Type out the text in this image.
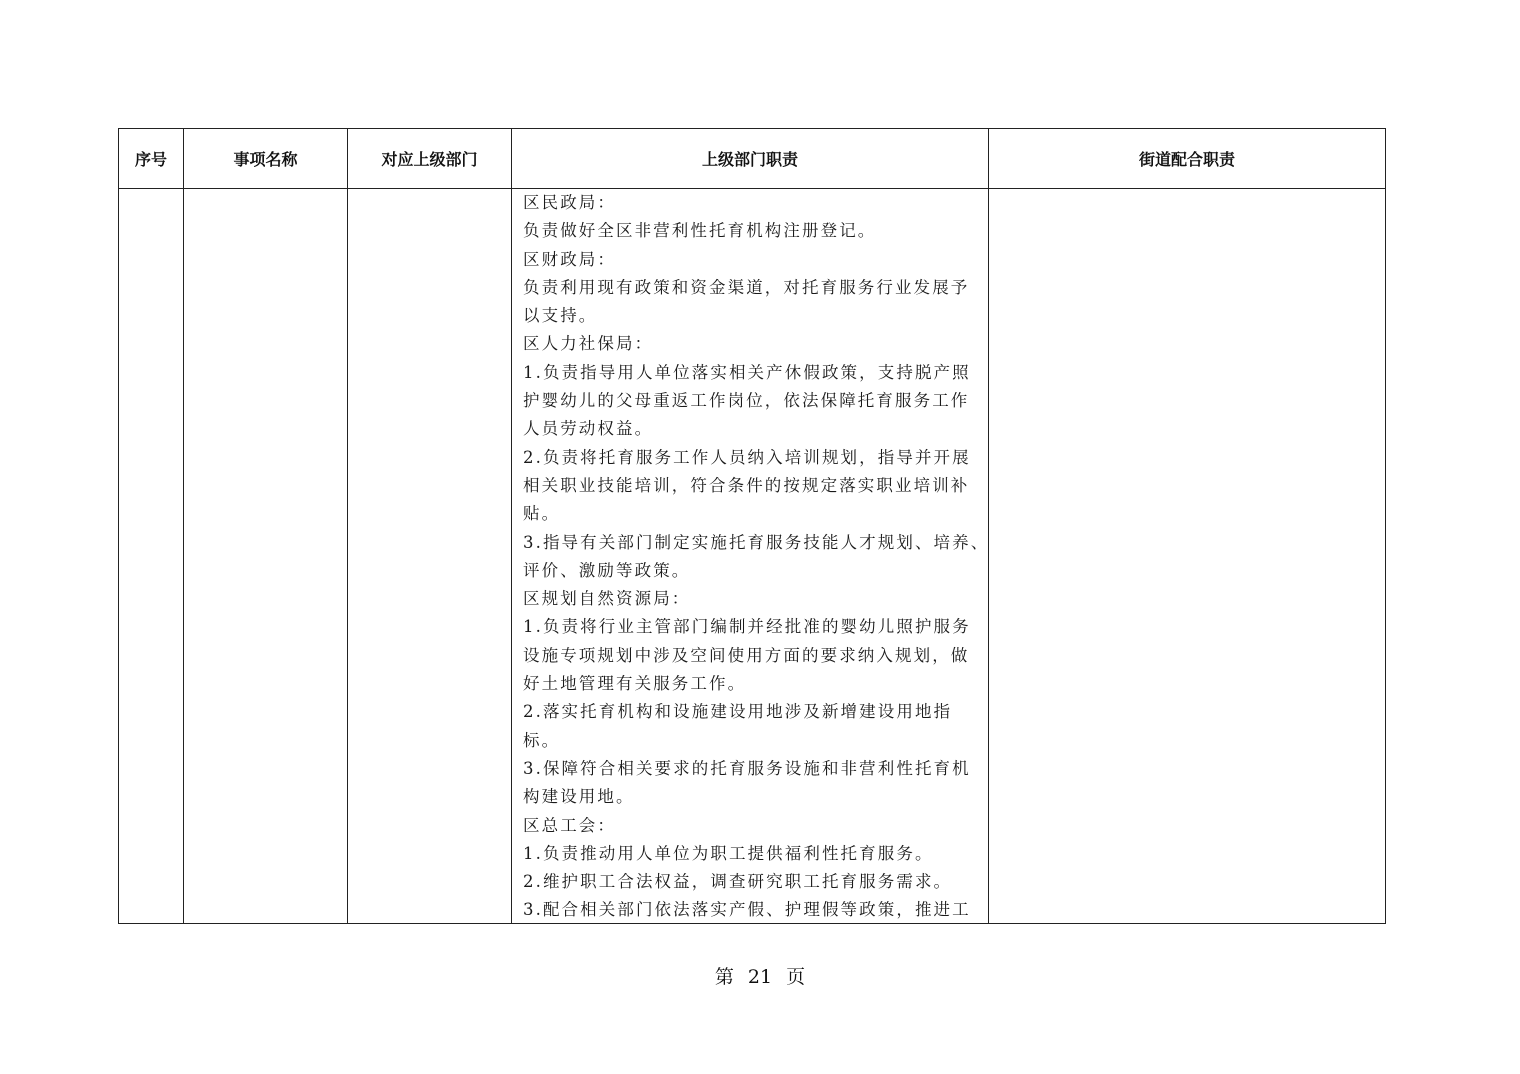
序号	事项名称	对应上级部门	上级部门职责	街道配合职责
区民政局：
负责做好全区非营利性托育机构注册登记。
区财政局：
负责利用现有政策和资金渠道，对托育服务行业发展予
以支持。
区人力社保局：
1.负责指导用人单位落实相关产休假政策，支持脱产照
护婴幼儿的父母重返工作岗位，依法保障托育服务工作
人员劳动权益。
2.负责将托育服务工作人员纳入培训规划，指导并开展
相关职业技能培训，符合条件的按规定落实职业培训补
贴。
3.指导有关部门制定实施托育服务技能人才规划、培养、
评价、激励等政策。
区规划自然资源局：
1.负责将行业主管部门编制并经批准的婴幼儿照护服务
设施专项规划中涉及空间使用方面的要求纳入规划，做
好土地管理有关服务工作。
2.落实托育机构和设施建设用地涉及新增建设用地指
标。
3.保障符合相关要求的托育服务设施和非营利性托育机
构建设用地。
区总工会：
1.负责推动用人单位为职工提供福利性托育服务。
2.维护职工合法权益，调查研究职工托育服务需求。
3.配合相关部门依法落实产假、护理假等政策，推进工
第 21 页
